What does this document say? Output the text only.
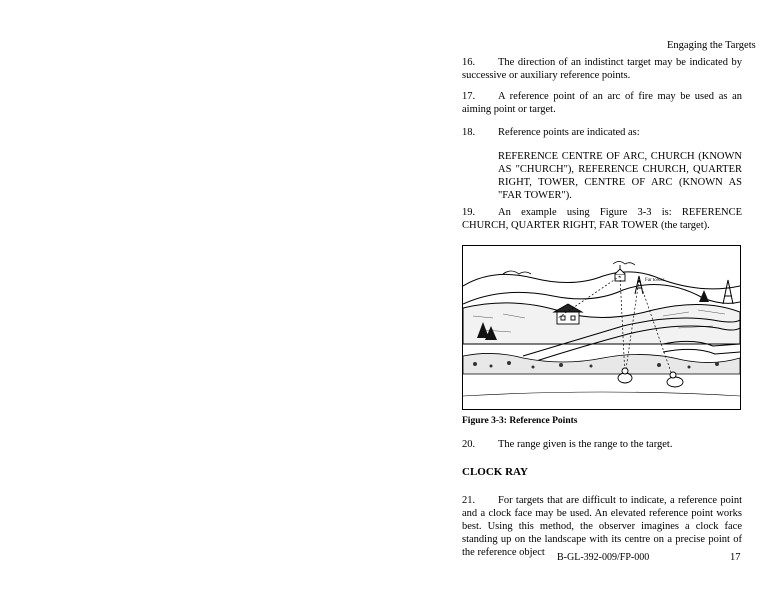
Engaging the Targets
16. The direction of an indistinct target may be indicated by successive or auxiliary reference points.
17. A reference point of an arc of fire may be used as an aiming point or target.
18. Reference points are indicated as:
REFERENCE CENTRE OF ARC, CHURCH (KNOWN AS "CHURCH"), REFERENCE CHURCH, QUARTER RIGHT, TOWER, CENTRE OF ARC (KNOWN AS "FAR TOWER").
19. An example using Figure 3-3 is: REFERENCE CHURCH, QUARTER RIGHT, FAR TOWER (the target).
Far tower
Figure 3-3: Reference Points
20. The range given is the range to the target.
CLOCK RAY
21. For targets that are difficult to indicate, a reference point and a clock face may be used. An elevated reference point works best. Using this method, the observer imagines a clock face standing up on the landscape with its centre on a precise point of the reference object	B-GL-392-009/FP-000	17
